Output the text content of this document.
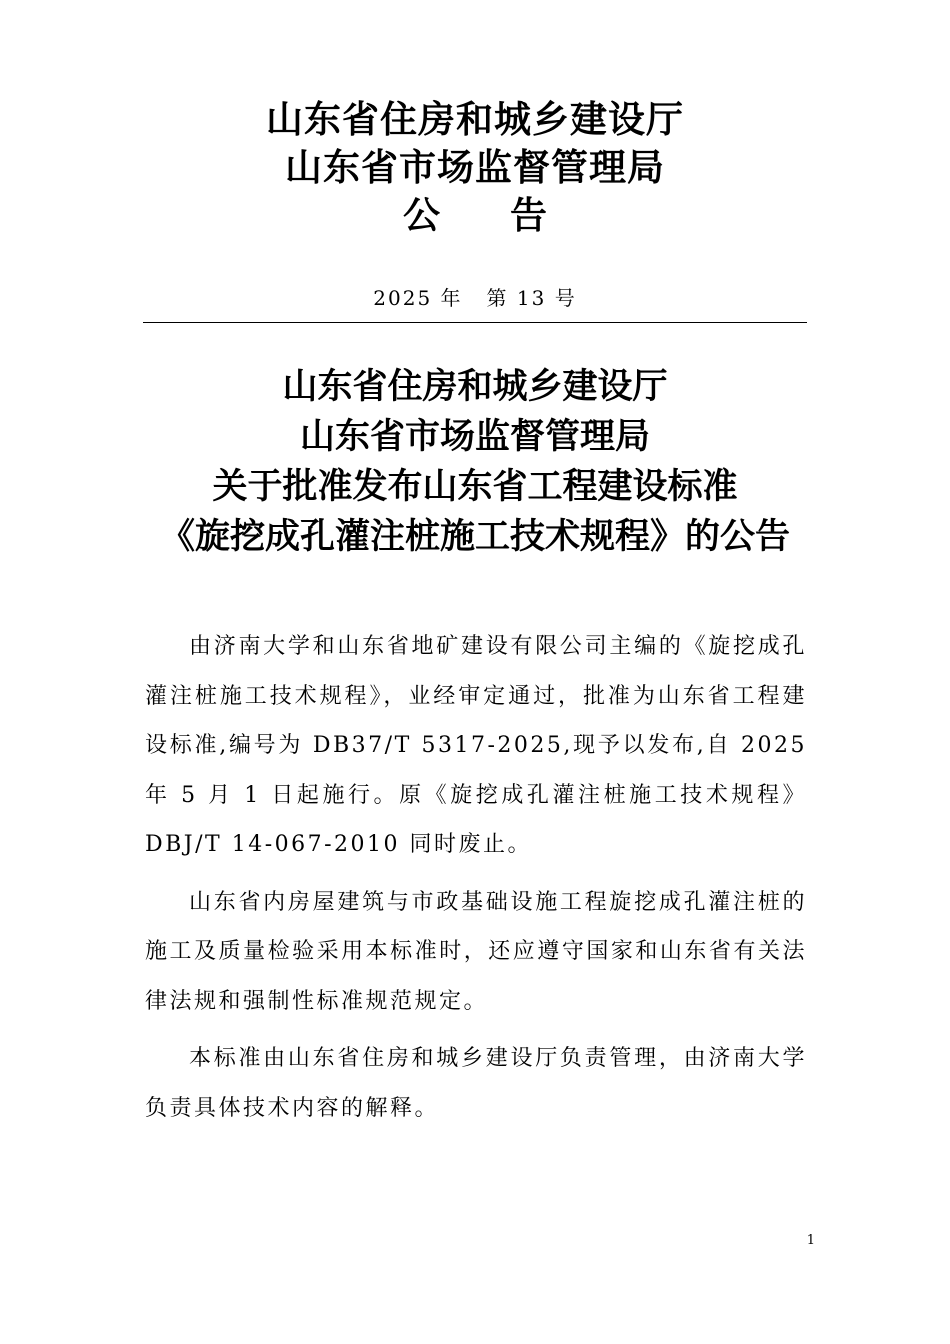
山东省住房和城乡建设厅
山东省市场监督管理局
公 告
2025 年 第 13 号
山东省住房和城乡建设厅
山东省市场监督管理局
关于批准发布山东省工程建设标准
《旋挖成孔灌注桩施工技术规程》的公告

由济南大学和山东省地矿建设有限公司主编的《旋挖成孔灌注桩施工技术规程》，业经审定通过，批准为山东省工程建设标准,编号为 DB37/T 5317-2025,现予以发布,自 2025 年 5 月 1 日起施行。原《旋挖成孔灌注桩施工技术规程》DBJ/T 14-067-2010 同时废止。

山东省内房屋建筑与市政基础设施工程旋挖成孔灌注桩的施工及质量检验采用本标准时，还应遵守国家和山东省有关法律法规和强制性标准规范规定。

本标准由山东省住房和城乡建设厅负责管理，由济南大学负责具体技术内容的解释。

1
